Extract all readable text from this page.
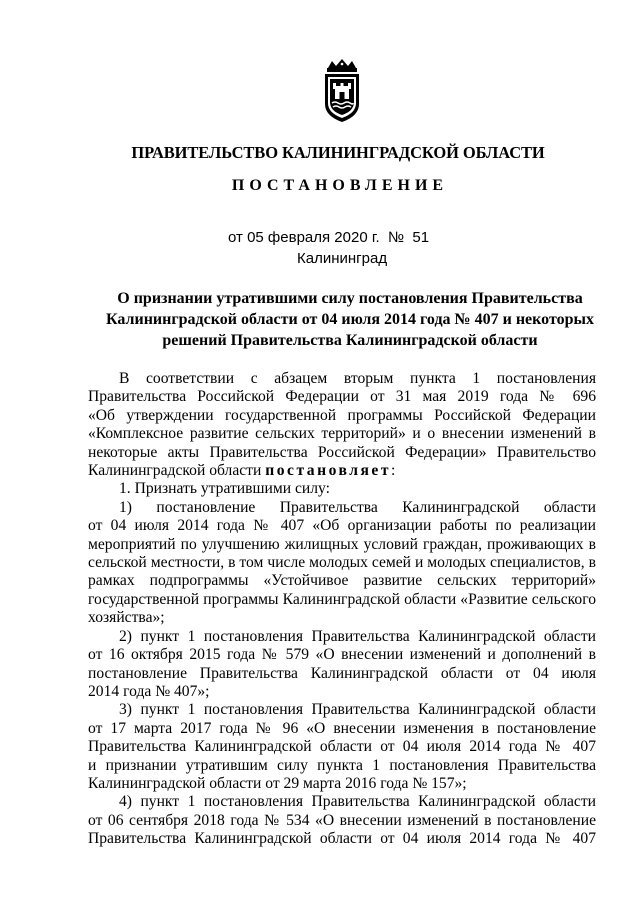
ПРАВИТЕЛЬСТВО КАЛИНИНГРАДСКОЙ ОБЛАСТИ
ПОСТАНОВЛЕНИЕ
от 05 февраля 2020 г. № 51
Калининград
О признании утратившими силу постановления Правительства
Калининградской области от 04 июля 2014 года № 407 и некоторых
решений Правительства Калининградской области
В соответствии с абзацем вторым пункта 1 постановления
Правительства Российской Федерации от 31 мая 2019 года № 696
«Об утверждении государственной программы Российской Федерации
«Комплексное развитие сельских территорий» и о внесении изменений в
некоторые акты Правительства Российской Федерации» Правительство
Калининградской области постановляет:
1. Признать утратившими силу:
1) постановление Правительства Калининградской области
от 04 июля 2014 года № 407 «Об организации работы по реализации
мероприятий по улучшению жилищных условий граждан, проживающих в
сельской местности, в том числе молодых семей и молодых специалистов, в
рамках подпрограммы «Устойчивое развитие сельских территорий»
государственной программы Калининградской области «Развитие сельского
хозяйства»;
2) пункт 1 постановления Правительства Калининградской области
от 16 октября 2015 года № 579 «О внесении изменений и дополнений в
постановление Правительства Калининградской области от 04 июля
2014 года № 407»;
3) пункт 1 постановления Правительства Калининградской области
от 17 марта 2017 года № 96 «О внесении изменения в постановление
Правительства Калининградской области от 04 июля 2014 года № 407
и признании утратившим силу пункта 1 постановления Правительства
Калининградской области от 29 марта 2016 года № 157»;
4) пункт 1 постановления Правительства Калининградской области
от 06 сентября 2018 года № 534 «О внесении изменений в постановление
Правительства Калининградской области от 04 июля 2014 года № 407
